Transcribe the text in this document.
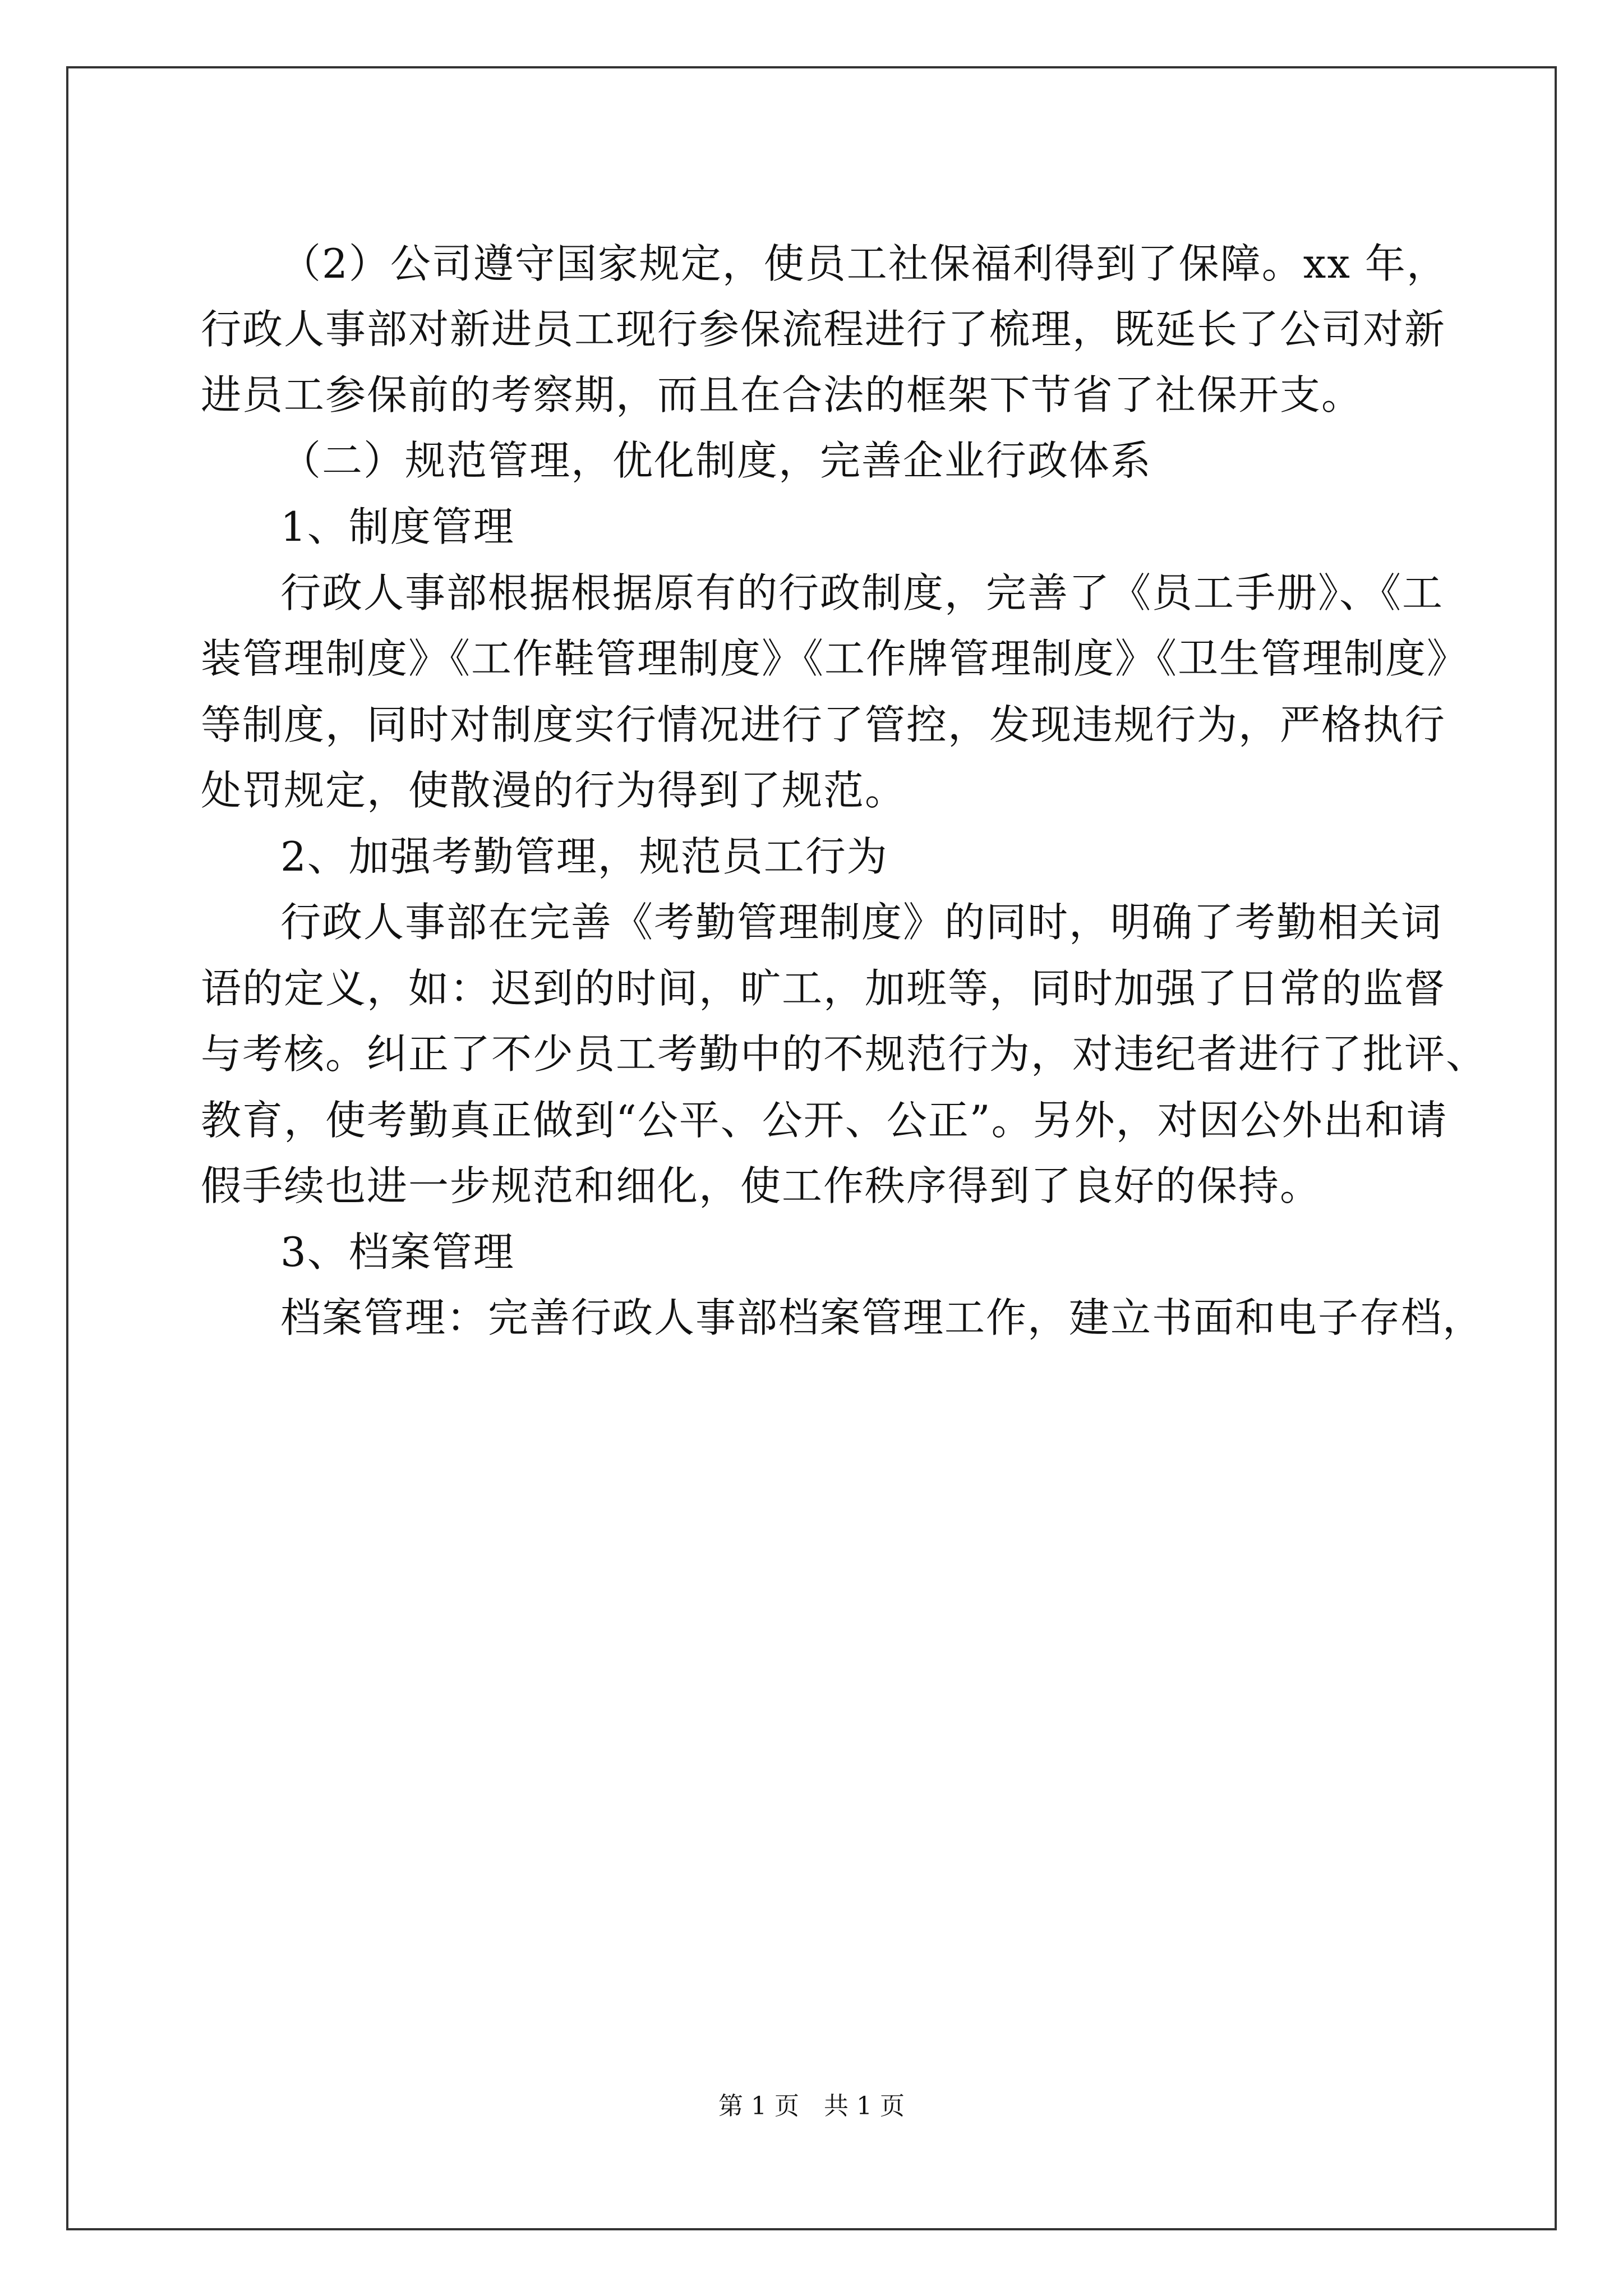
（2）公司遵守国家规定，使员工社保福利得到了保障。xx 年，
行政人事部对新进员工现行参保流程进行了梳理，既延长了公司对新
进员工参保前的考察期，而且在合法的框架下节省了社保开支。
（二）规范管理，优化制度，完善企业行政体系
1、制度管理
行政人事部根据根据原有的行政制度，完善了《员工手册》、《工
装管理制度》《工作鞋管理制度》《工作牌管理制度》《卫生管理制度》
等制度，同时对制度实行情况进行了管控，发现违规行为，严格执行
处罚规定，使散漫的行为得到了规范。
2、加强考勤管理，规范员工行为
行政人事部在完善《考勤管理制度》的同时，明确了考勤相关词
语的定义，如：迟到的时间，旷工，加班等，同时加强了日常的监督
与考核。纠正了不少员工考勤中的不规范行为，对违纪者进行了批评、
教育，使考勤真正做到“公平、公开、公正”。另外，对因公外出和请
假手续也进一步规范和细化，使工作秩序得到了良好的保持。
3、档案管理
档案管理：完善行政人事部档案管理工作，建立书面和电子存档，
第 1 页　共 1 页
